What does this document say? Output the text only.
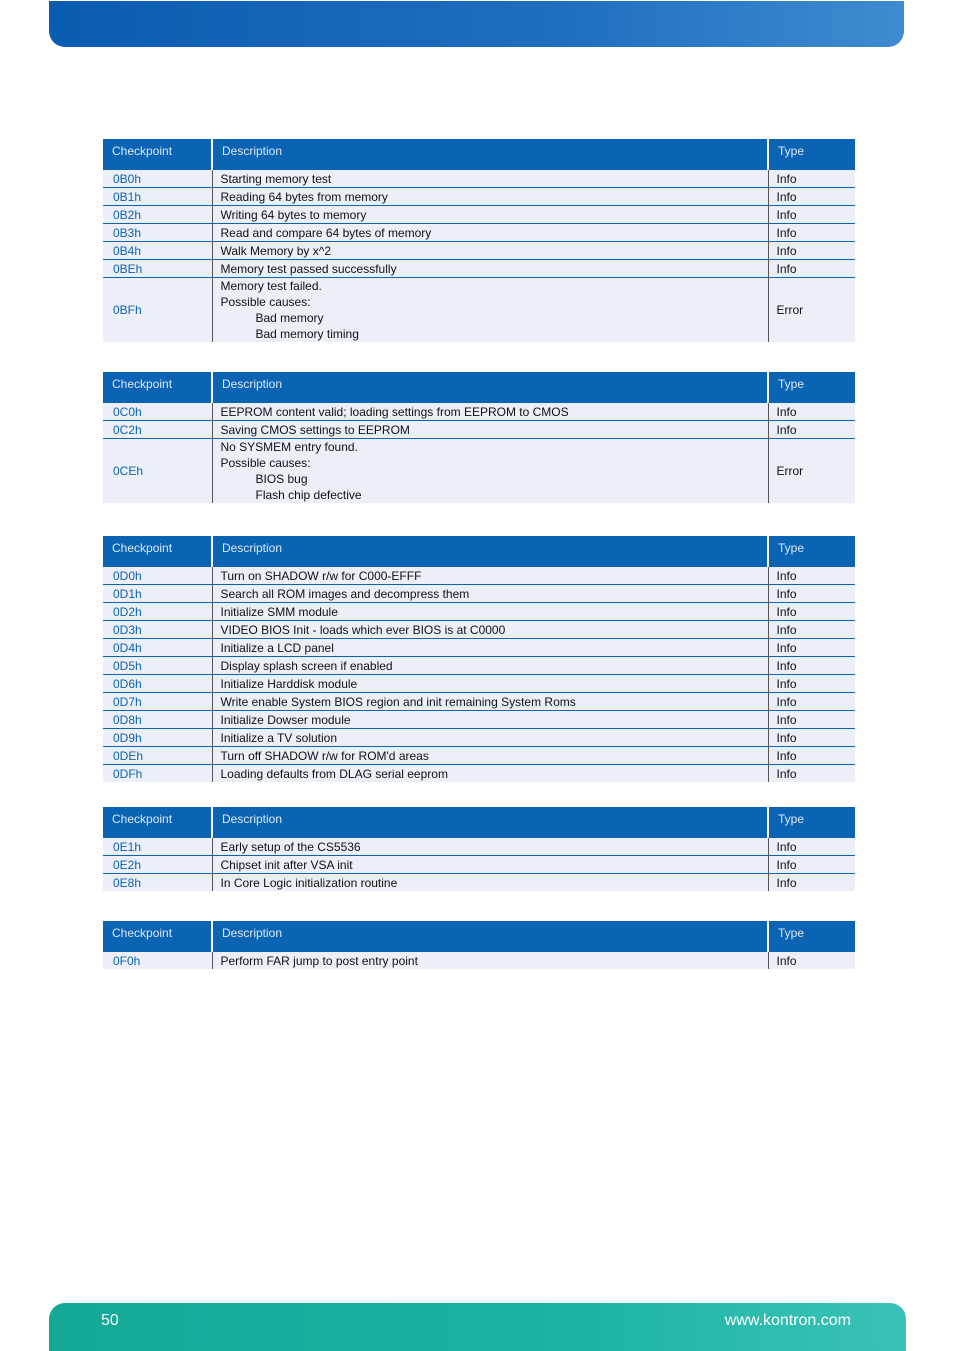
Checkpoint	Description	Type
0B0h	Starting memory test	Info
0B1h	Reading 64 bytes from memory	Info
0B2h	Writing 64 bytes to memory	Info
0B3h	Read and compare 64 bytes of memory	Info
0B4h	Walk Memory by x^2	Info
0BEh	Memory test passed successfully	Info
0BFh	Memory test failed.
Possible causes:
Bad memory
Bad memory timing	Error
Checkpoint	Description	Type
0C0h	EEPROM content valid; loading settings from EEPROM to CMOS	Info
0C2h	Saving CMOS settings to EEPROM	Info
0CEh	No SYSMEM entry found.
Possible causes:
BIOS bug
Flash chip defective	Error
Checkpoint	Description	Type
0D0h	Turn on SHADOW r/w for C000-EFFF	Info
0D1h	Search all ROM images and decompress them	Info
0D2h	Initialize SMM module	Info
0D3h	VIDEO BIOS Init - loads which ever BIOS is at C0000	Info
0D4h	Initialize a LCD panel	Info
0D5h	Display splash screen if enabled	Info
0D6h	Initialize Harddisk module	Info
0D7h	Write enable System BIOS region and init remaining System Roms	Info
0D8h	Initialize Dowser module	Info
0D9h	Initialize a TV solution	Info
0DEh	Turn off SHADOW r/w for ROM'd areas	Info
0DFh	Loading defaults from DLAG serial eeprom	Info
Checkpoint	Description	Type
0E1h	Early setup of the CS5536	Info
0E2h	Chipset init after VSA init	Info
0E8h	In Core Logic initialization routine	Info
Checkpoint	Description	Type
0F0h	Perform FAR jump to post entry point	Info
50	www.kontron.com
